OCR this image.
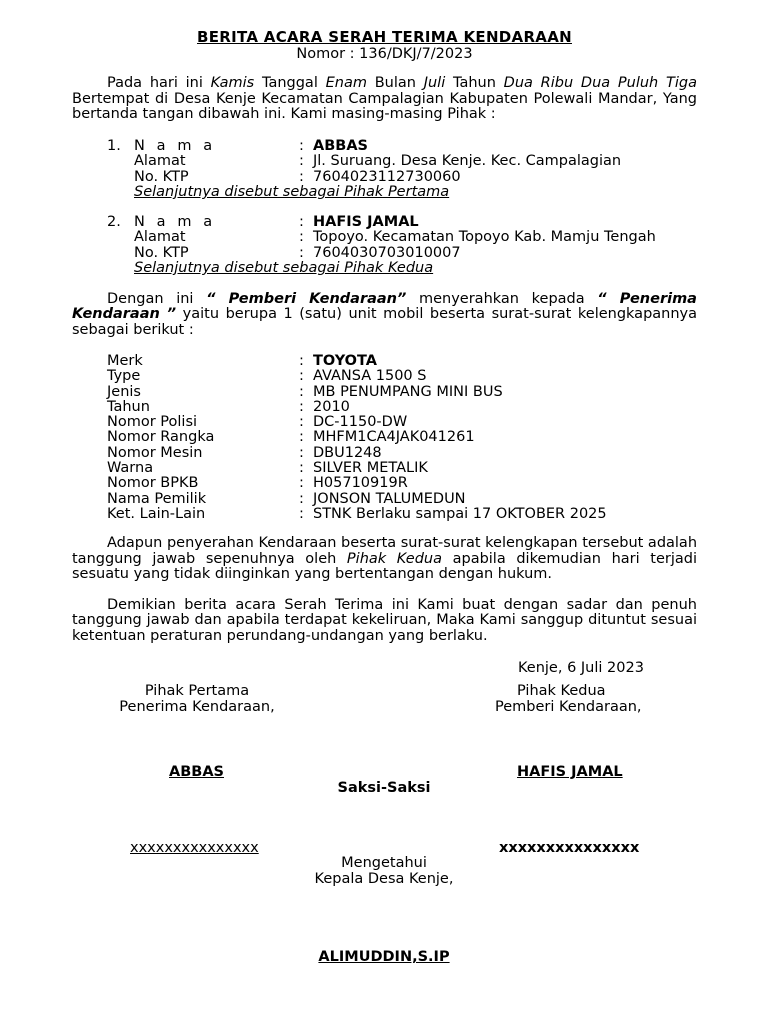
BERITA ACARA SERAH TERIMA KENDARAAN
Nomor : 136/DKJ/7/2023

Pada hari ini Kamis Tanggal Enam Bulan Juli Tahun Dua Ribu Dua Puluh Tiga Bertempat di Desa Kenje Kecamatan Campalagian Kabupaten Polewali Mandar, Yang bertanda tangan dibawah ini. Kami masing-masing Pihak :

1. N a m a	: ABBAS
Alamat	: Jl. Suruang. Desa Kenje. Kec. Campalagian
No. KTP	: 7604023112730060
Selanjutnya disebut sebagai Pihak Pertama
2. N a m a	: HAFIS JAMAL
Alamat	: Topoyo. Kecamatan Topoyo Kab. Mamju Tengah
No. KTP	: 7604030703010007
Selanjutnya disebut sebagai Pihak Kedua

Dengan ini “ Pemberi Kendaraan” menyerahkan kepada “ Penerima Kendaraan ” yaitu berupa 1 (satu) unit mobil beserta surat-surat kelengkapannya sebagai berikut :

Merk	: TOYOTA
Type	: AVANSA 1500 S
Jenis	: MB PENUMPANG MINI BUS
Tahun	: 2010
Nomor Polisi	: DC-1150-DW
Nomor Rangka	: MHFM1CA4JAK041261
Nomor Mesin	: DBU1248
Warna	: SILVER METALIK
Nomor BPKB	: H05710919R
Nama Pemilik	: JONSON TALUMEDUN
Ket. Lain-Lain	: STNK Berlaku sampai 17 OKTOBER 2025

Adapun penyerahan Kendaraan beserta surat-surat kelengkapan tersebut adalah tanggung jawab sepenuhnya oleh Pihak Kedua apabila dikemudian hari terjadi sesuatu yang tidak diinginkan yang bertentangan dengan hukum.

Demikian berita acara Serah Terima ini Kami buat dengan sadar dan penuh tanggung jawab dan apabila terdapat kekeliruan, Maka Kami sanggup dituntut sesuai ketentuan peraturan perundang-undangan yang berlaku.

Kenje, 6 Juli 2023
Pihak Pertama
Penerima Kendaraan,
Pihak Kedua
Pemberi Kendaraan,
ABBAS	HAFIS JAMAL
Saksi-Saksi
xxxxxxxxxxxxxxx	xxxxxxxxxxxxxxx
Mengetahui
Kepala Desa Kenje,
ALIMUDDIN,S.IP
